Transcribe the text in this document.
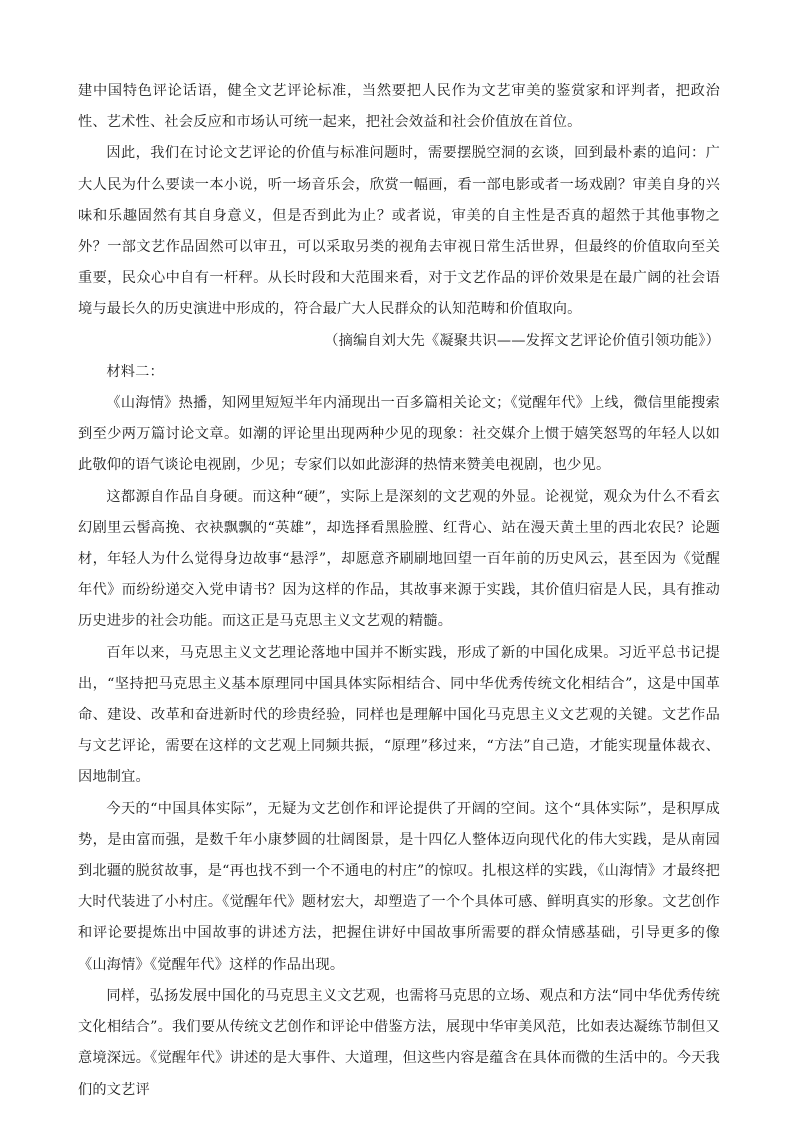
建中国特色评论话语，健全文艺评论标准，当然要把人民作为文艺审美的鉴赏家和评判者，把政治性、艺术性、社会反应和市场认可统一起来，把社会效益和社会价值放在首位。

因此，我们在讨论文艺评论的价值与标准问题时，需要摆脱空洞的玄谈，回到最朴素的追问：广大人民为什么要读一本小说，听一场音乐会，欣赏一幅画，看一部电影或者一场戏剧？审美自身的兴味和乐趣固然有其自身意义，但是否到此为止？或者说，审美的自主性是否真的超然于其他事物之外？一部文艺作品固然可以审丑，可以采取另类的视角去审视日常生活世界，但最终的价值取向至关重要，民众心中自有一杆秤。从长时段和大范围来看，对于文艺作品的评价效果是在最广阔的社会语境与最长久的历史演进中形成的，符合最广大人民群众的认知范畴和价值取向。

（摘编自刘大先《凝聚共识——发挥文艺评论价值引领功能》）

材料二：

《山海情》热播，知网里短短半年内涌现出一百多篇相关论文；《觉醒年代》上线，微信里能搜索到至少两万篇讨论文章。如潮的评论里出现两种少见的现象：社交媒介上惯于嬉笑怒骂的年轻人以如此敬仰的语气谈论电视剧，少见；专家们以如此澎湃的热情来赞美电视剧，也少见。

这都源自作品自身硬。而这种“硬”，实际上是深刻的文艺观的外显。论视觉，观众为什么不看玄幻剧里云髻高挽、衣袂飘飘的“英雄”，却选择看黑脸膛、红背心、站在漫天黄土里的西北农民？论题材，年轻人为什么觉得身边故事“悬浮”，却愿意齐刷刷地回望一百年前的历史风云，甚至因为《觉醒年代》而纷纷递交入党申请书？因为这样的作品，其故事来源于实践，其价值归宿是人民，具有推动历史进步的社会功能。而这正是马克思主义文艺观的精髓。

百年以来，马克思主义文艺理论落地中国并不断实践，形成了新的中国化成果。习近平总书记提出，“坚持把马克思主义基本原理同中国具体实际相结合、同中华优秀传统文化相结合”，这是中国革命、建设、改革和奋进新时代的珍贵经验，同样也是理解中国化马克思主义文艺观的关键。文艺作品与文艺评论，需要在这样的文艺观上同频共振，“原理”移过来，“方法”自己造，才能实现量体裁衣、因地制宜。

今天的“中国具体实际”，无疑为文艺创作和评论提供了开阔的空间。这个“具体实际”，是积厚成势，是由富而强，是数千年小康梦圆的壮阔图景，是十四亿人整体迈向现代化的伟大实践，是从南园到北疆的脱贫故事，是“再也找不到一个不通电的村庄”的惊叹。扎根这样的实践，《山海情》才最终把大时代装进了小村庄。《觉醒年代》题材宏大，却塑造了一个个具体可感、鲜明真实的形象。文艺创作和评论要提炼出中国故事的讲述方法，把握住讲好中国故事所需要的群众情感基础，引导更多的像《山海情》《觉醒年代》这样的作品出现。

同样，弘扬发展中国化的马克思主义文艺观，也需将马克思的立场、观点和方法“同中华优秀传统文化相结合”。我们要从传统文艺创作和评论中借鉴方法，展现中华审美风范，比如表达凝练节制但又意境深远。《觉醒年代》讲述的是大事件、大道理，但这些内容是蕴含在具体而微的生活中的。今天我们的文艺评
